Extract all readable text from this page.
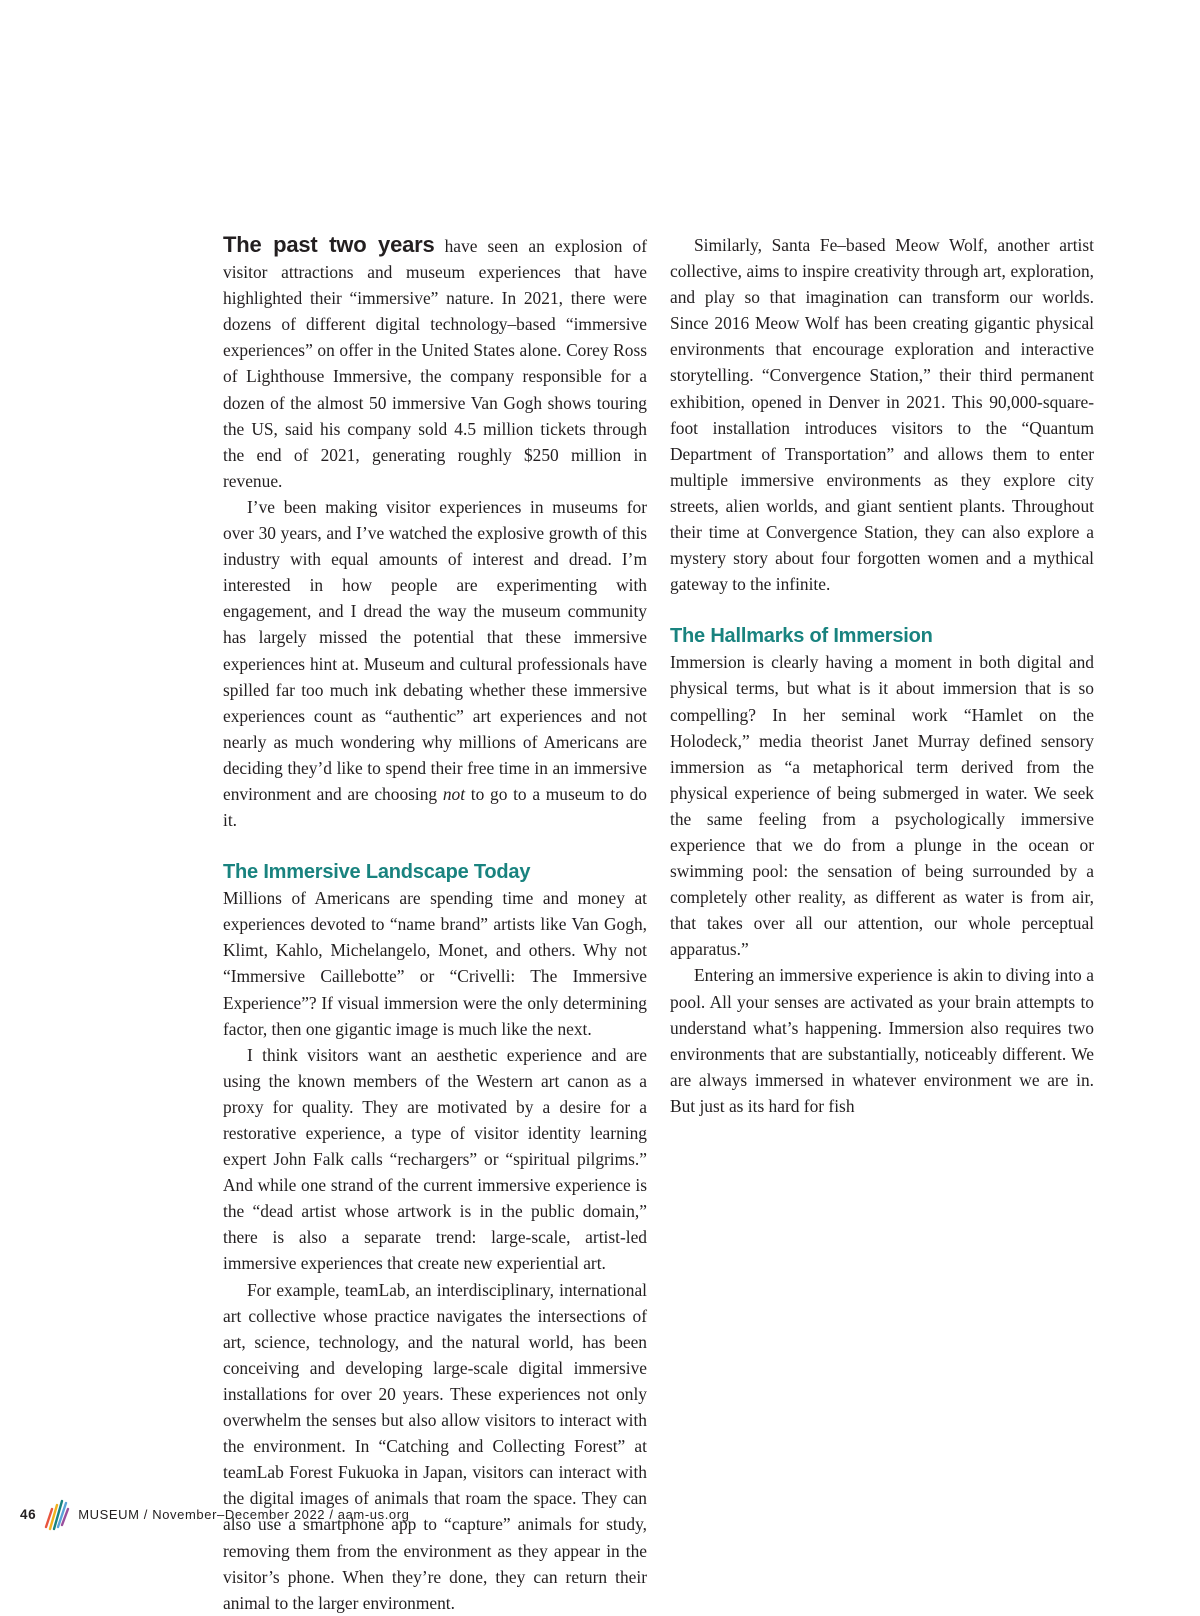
The past two years have seen an explosion of visitor attractions and museum experiences that have highlighted their “immersive” nature. In 2021, there were dozens of different digital technology–based “immersive experiences” on offer in the United States alone. Corey Ross of Lighthouse Immersive, the company responsible for a dozen of the almost 50 immersive Van Gogh shows touring the US, said his company sold 4.5 million tickets through the end of 2021, generating roughly $250 million in revenue.

I’ve been making visitor experiences in museums for over 30 years, and I’ve watched the explosive growth of this industry with equal amounts of interest and dread. I’m interested in how people are experimenting with engagement, and I dread the way the museum community has largely missed the potential that these immersive experiences hint at. Museum and cultural professionals have spilled far too much ink debating whether these immersive experiences count as “authentic” art experiences and not nearly as much wondering why millions of Americans are deciding they’d like to spend their free time in an immersive environment and are choosing not to go to a museum to do it.

The Immersive Landscape Today

Millions of Americans are spending time and money at experiences devoted to “name brand” artists like Van Gogh, Klimt, Kahlo, Michelangelo, Monet, and others. Why not “Immersive Caillebotte” or “Crivelli: The Immersive Experience”? If visual immersion were the only determining factor, then one gigantic image is much like the next.

I think visitors want an aesthetic experience and are using the known members of the Western art canon as a proxy for quality. They are motivated by a desire for a restorative experience, a type of visitor identity learning expert John Falk calls “rechargers” or “spiritual pilgrims.” And while one strand of the current immersive experience is the “dead artist whose artwork is in the public domain,” there is also a separate trend: large-scale, artist-led immersive experiences that create new experiential art.

For example, teamLab, an interdisciplinary, international art collective whose practice navigates the intersections of art, science, technology, and the natural world, has been conceiving and developing large-scale digital immersive installations for over 20 years. These experiences not only overwhelm the senses but also allow visitors to interact with the environment. In “Catching and Collecting Forest” at teamLab Forest Fukuoka in Japan, visitors can interact with the digital images of animals that roam the space. They can also use a smartphone app to “capture” animals for study, removing them from the environment as they appear in the visitor’s phone. When they’re done, they can return their animal to the larger environment.

Similarly, Santa Fe–based Meow Wolf, another artist collective, aims to inspire creativity through art, exploration, and play so that imagination can transform our worlds. Since 2016 Meow Wolf has been creating gigantic physical environments that encourage exploration and interactive storytelling. “Convergence Station,” their third permanent exhibition, opened in Denver in 2021. This 90,000-square-foot installation introduces visitors to the “Quantum Department of Transportation” and allows them to enter multiple immersive environments as they explore city streets, alien worlds, and giant sentient plants. Throughout their time at Convergence Station, they can also explore a mystery story about four forgotten women and a mythical gateway to the infinite.

The Hallmarks of Immersion

Immersion is clearly having a moment in both digital and physical terms, but what is it about immersion that is so compelling? In her seminal work “Hamlet on the Holodeck,” media theorist Janet Murray defined sensory immersion as “a metaphorical term derived from the physical experience of being submerged in water. We seek the same feeling from a psychologically immersive experience that we do from a plunge in the ocean or swimming pool: the sensation of being surrounded by a completely other reality, as different as water is from air, that takes over all our attention, our whole perceptual apparatus.”

Entering an immersive experience is akin to diving into a pool. All your senses are activated as your brain attempts to understand what’s happening. Immersion also requires two environments that are substantially, noticeably different. We are always immersed in whatever environment we are in. But just as its hard for fish

46	MUSEUM / November–December 2022 / aam-us.org
